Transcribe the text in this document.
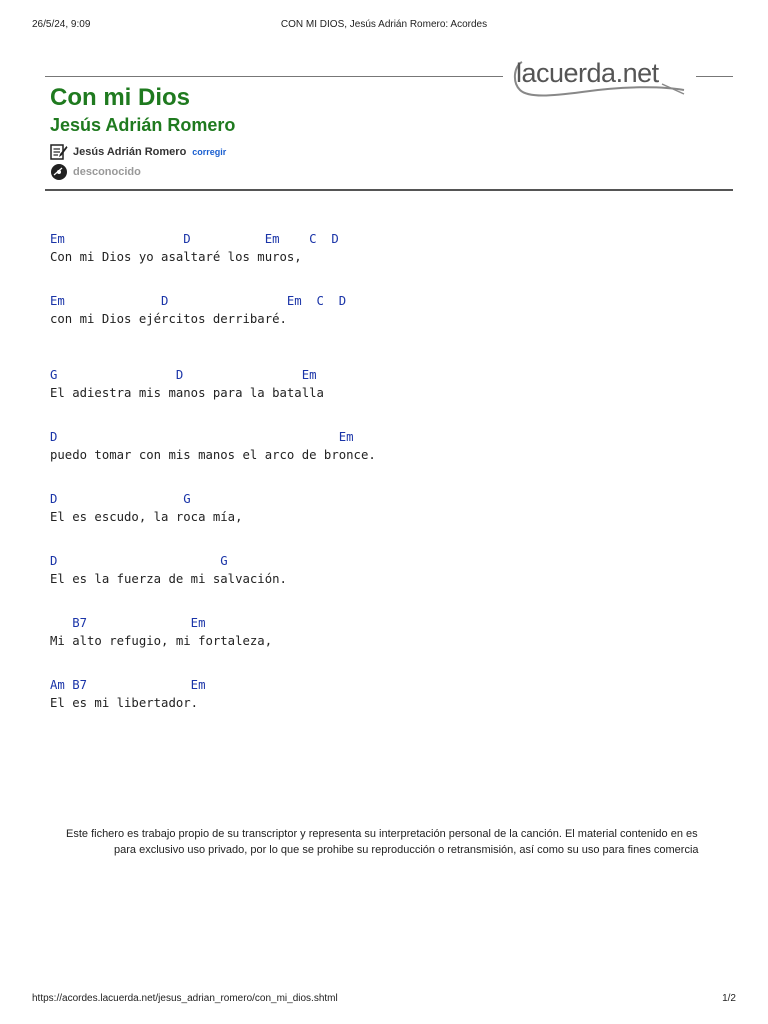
26/5/24, 9:09	CON MI DIOS, Jesús Adrián Romero: Acordes
lacuerda.net
Con mi Dios
Jesús Adrián Romero
Jesús Adrián Romero corregir
desconocido
Em                D          Em    C  D
Con mi Dios yo asaltaré los muros,
Em             D                Em  C  D
con mi Dios ejércitos derribaré.
G                D                Em
El adiestra mis manos para la batalla
D                                      Em
puedo tomar con mis manos el arco de bronce.
D                 G
El es escudo, la roca mía,
D                      G
El es la fuerza de mi salvación.
B7              Em
Mi alto refugio, mi fortaleza,
Am B7              Em
El es mi libertador.
Este fichero es trabajo propio de su transcriptor y representa su interpretación personal de la canción. El material contenido en es
para exclusivo uso privado, por lo que se prohibe su reproducción o retransmisión, así como su uso para fines comercia
https://acordes.lacuerda.net/jesus_adrian_romero/con_mi_dios.shtml	1/2
